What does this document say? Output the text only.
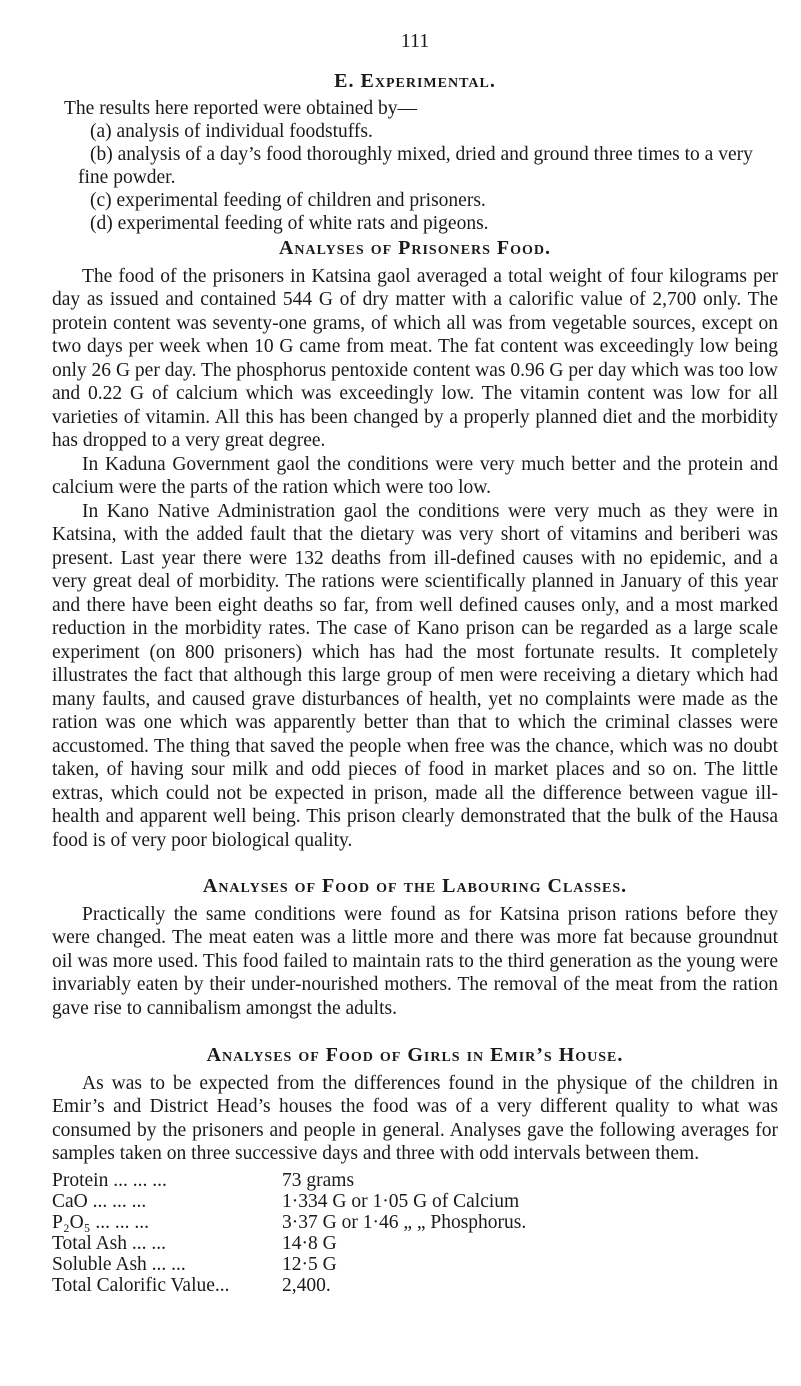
111
E. Experimental.

The results here reported were obtained by—

(a) analysis of individual foodstuffs.

(b) analysis of a day’s food thoroughly mixed, dried and ground three times to a very fine powder.

(c) experimental feeding of children and prisoners.

(d) experimental feeding of white rats and pigeons.

Analyses of Prisoners Food.

The food of the prisoners in Katsina gaol averaged a total weight of four kilograms per day as issued and contained 544 G of dry matter with a calorific value of 2,700 only. The protein content was seventy-one grams, of which all was from vegetable sources, except on two days per week when 10 G came from meat. The fat content was exceedingly low being only 26 G per day. The phosphorus pentoxide content was 0.96 G per day which was too low and 0.22 G of calcium which was exceedingly low. The vitamin content was low for all varieties of vitamin. All this has been changed by a properly planned diet and the morbidity has dropped to a very great degree.

In Kaduna Government gaol the conditions were very much better and the protein and calcium were the parts of the ration which were too low.

In Kano Native Administration gaol the conditions were very much as they were in Katsina, with the added fault that the dietary was very short of vitamins and beriberi was present. Last year there were 132 deaths from ill-defined causes with no epidemic, and a very great deal of morbidity. The rations were scientifically planned in January of this year and there have been eight deaths so far, from well defined causes only, and a most marked reduction in the morbidity rates. The case of Kano prison can be regarded as a large scale experiment (on 800 prisoners) which has had the most fortunate results. It completely illustrates the fact that although this large group of men were receiving a dietary which had many faults, and caused grave disturbances of health, yet no complaints were made as the ration was one which was apparently better than that to which the criminal classes were accustomed. The thing that saved the people when free was the chance, which was no doubt taken, of having sour milk and odd pieces of food in market places and so on. The little extras, which could not be expected in prison, made all the difference between vague ill-health and apparent well being. This prison clearly demonstrated that the bulk of the Hausa food is of very poor biological quality.

Analyses of Food of the Labouring Classes.

Practically the same conditions were found as for Katsina prison rations before they were changed. The meat eaten was a little more and there was more fat because groundnut oil was more used. This food failed to maintain rats to the third generation as the young were invariably eaten by their under-nourished mothers. The removal of the meat from the ration gave rise to cannibalism amongst the adults.

Analyses of Food of Girls in Emir’s House.

As was to be expected from the differences found in the physique of the children in Emir’s and District Head’s houses the food was of a very different quality to what was consumed by the prisoners and people in general. Analyses gave the following averages for samples taken on three successive days and three with odd intervals between them.

Protein ... ... ...	73 grams
CaO ... ... ...	1·334 G or 1·05 G of Calcium
P₂O₅ ... ... ...	3·37 G or 1·46 „ „ Phosphorus.
Total Ash ... ...	14·8 G
Soluble Ash ... ...	12·5 G
Total Calorific Value...	2,400.
